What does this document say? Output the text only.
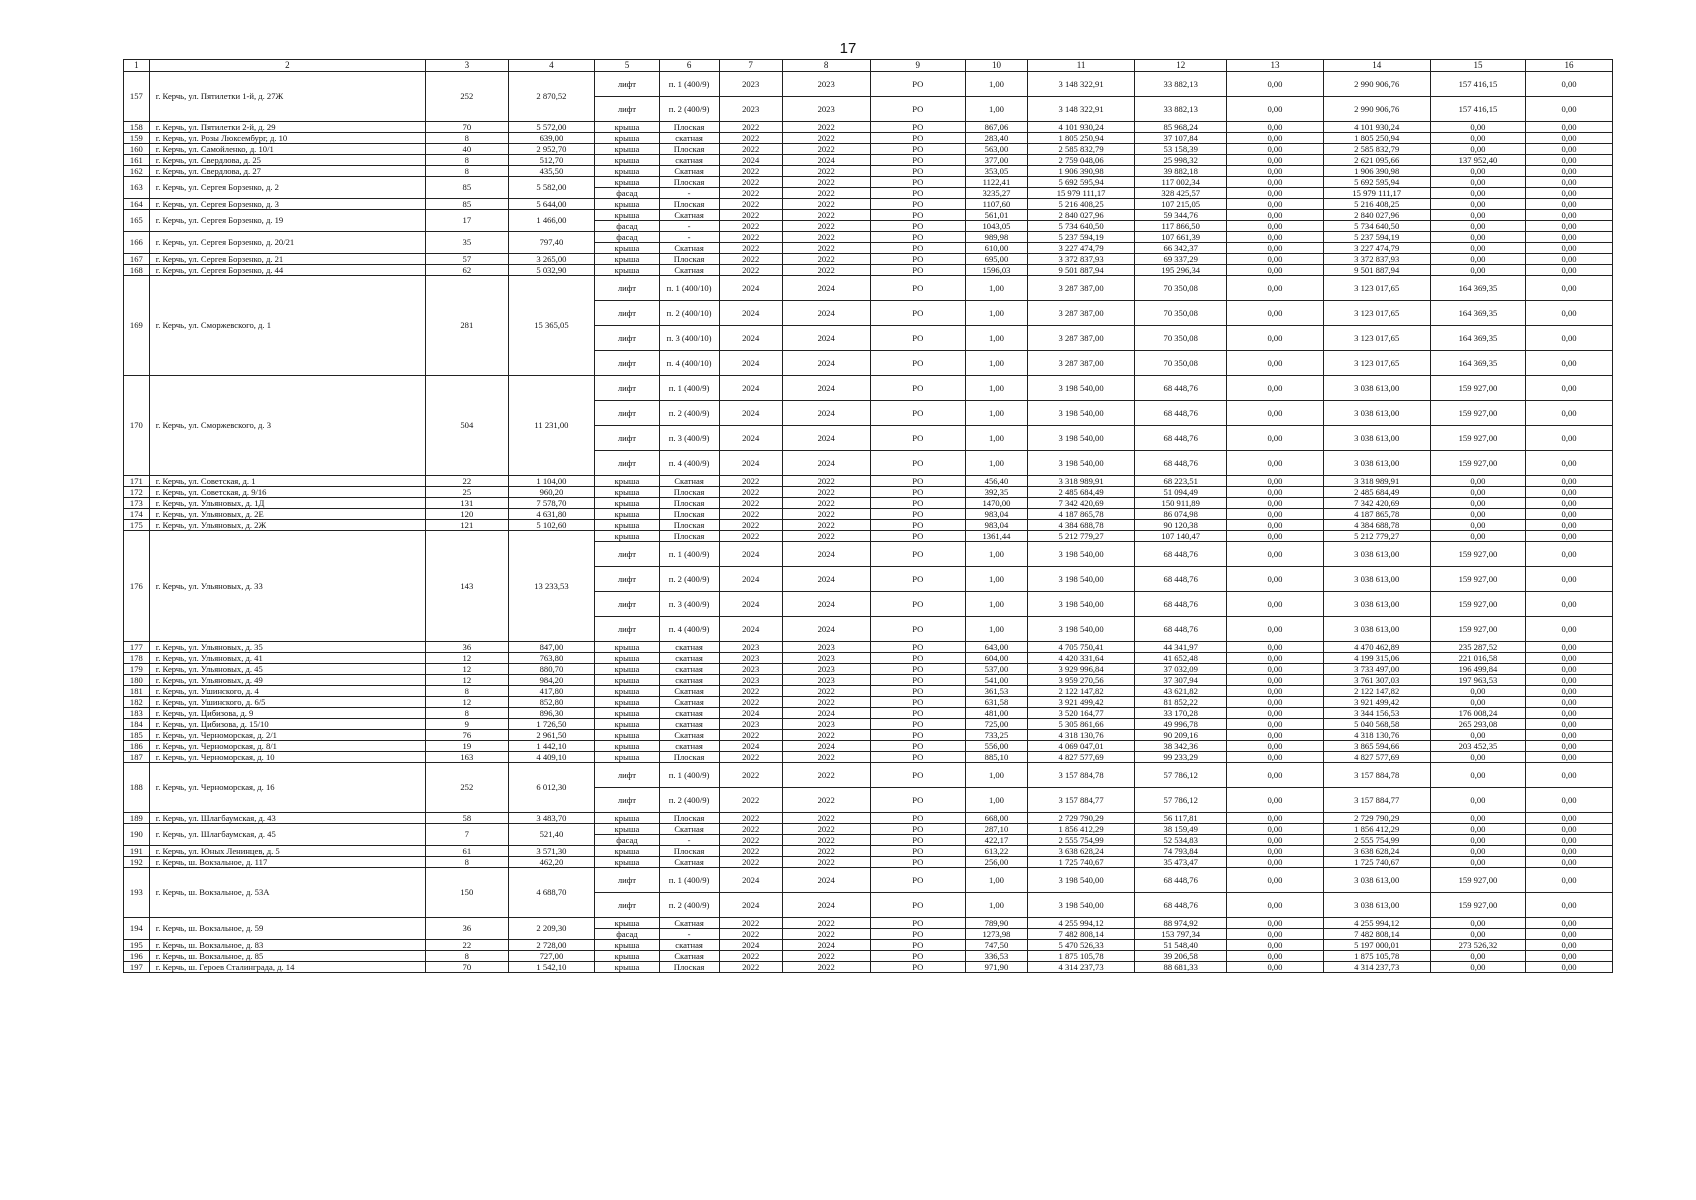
17
1	2	3	4	5	6	7	8	9	10	11	12	13	14	15	16
157	г. Керчь, ул. Пятилетки 1-й, д. 27Ж	252	2 870,52	лифт	п. 1 (400/9)	2023	2023	РО	1,00	3 148 322,91	33 882,13	0,00	2 990 906,76	157 416,15	0,00
				лифт	п. 2 (400/9)	2023	2023	РО	1,00	3 148 322,91	33 882,13	0,00	2 990 906,76	157 416,15	0,00
158	г. Керчь, ул. Пятилетки 2-й, д. 29	70	5 572,00	крыша	Плоская	2022	2022	РО	867,06	4 101 930,24	85 968,24	0,00	4 101 930,24	0,00	0,00
159	г. Керчь, ул. Розы Люксембург, д. 10	8	639,00	крыша	скатная	2022	2022	РО	283,40	1 805 250,94	37 107,84	0,00	1 805 250,94	0,00	0,00
160	г. Керчь, ул. Самойленко, д. 10/1	40	2 952,70	крыша	Плоская	2022	2022	РО	563,00	2 585 832,79	53 158,39	0,00	2 585 832,79	0,00	0,00
161	г. Керчь, ул. Свердлова, д. 25	8	512,70	крыша	скатная	2024	2024	РО	377,00	2 759 048,06	25 998,32	0,00	2 621 095,66	137 952,40	0,00
162	г. Керчь, ул. Свердлова, д. 27	8	435,50	крыша	Скатная	2022	2022	РО	353,05	1 906 390,98	39 882,18	0,00	1 906 390,98	0,00	0,00
163	г. Керчь, ул. Сергея Борзенко, д. 2	85	5 582,00	крыша	Плоская	2022	2022	РО	1122,41	5 692 595,94	117 002,34	0,00	5 692 595,94	0,00	0,00
				фасад	-	2022	2022	РО	3235,27	15 979 111,17	328 425,57	0,00	15 979 111,17	0,00	0,00
164	г. Керчь, ул. Сергея Борзенко, д. 3	85	5 644,00	крыша	Плоская	2022	2022	РО	1107,60	5 216 408,25	107 215,05	0,00	5 216 408,25	0,00	0,00
165	г. Керчь, ул. Сергея Борзенко, д. 19	17	1 466,00	крыша	Скатная	2022	2022	РО	561,01	2 840 027,96	59 344,76	0,00	2 840 027,96	0,00	0,00
				фасад	-	2022	2022	РО	1043,05	5 734 640,50	117 866,50	0,00	5 734 640,50	0,00	0,00
166	г. Керчь, ул. Сергея Борзенко, д. 20/21	35	797,40	фасад	-	2022	2022	РО	989,98	5 237 594,19	107 661,39	0,00	5 237 594,19	0,00	0,00
				крыша	Скатная	2022	2022	РО	610,00	3 227 474,79	66 342,37	0,00	3 227 474,79	0,00	0,00
167	г. Керчь, ул. Сергея Борзенко, д. 21	57	3 265,00	крыша	Плоская	2022	2022	РО	695,00	3 372 837,93	69 337,29	0,00	3 372 837,93	0,00	0,00
168	г. Керчь, ул. Сергея Борзенко, д. 44	62	5 032,90	крыша	Скатная	2022	2022	РО	1596,03	9 501 887,94	195 296,34	0,00	9 501 887,94	0,00	0,00
169	г. Керчь, ул. Сморжевского, д. 1	281	15 365,05	лифт	п. 1 (400/10)	2024	2024	РО	1,00	3 287 387,00	70 350,08	0,00	3 123 017,65	164 369,35	0,00
				лифт	п. 2 (400/10)	2024	2024	РО	1,00	3 287 387,00	70 350,08	0,00	3 123 017,65	164 369,35	0,00
				лифт	п. 3 (400/10)	2024	2024	РО	1,00	3 287 387,00	70 350,08	0,00	3 123 017,65	164 369,35	0,00
				лифт	п. 4 (400/10)	2024	2024	РО	1,00	3 287 387,00	70 350,08	0,00	3 123 017,65	164 369,35	0,00
170	г. Керчь, ул. Сморжевского, д. 3	504	11 231,00	лифт	п. 1 (400/9)	2024	2024	РО	1,00	3 198 540,00	68 448,76	0,00	3 038 613,00	159 927,00	0,00
				лифт	п. 2 (400/9)	2024	2024	РО	1,00	3 198 540,00	68 448,76	0,00	3 038 613,00	159 927,00	0,00
				лифт	п. 3 (400/9)	2024	2024	РО	1,00	3 198 540,00	68 448,76	0,00	3 038 613,00	159 927,00	0,00
				лифт	п. 4 (400/9)	2024	2024	РО	1,00	3 198 540,00	68 448,76	0,00	3 038 613,00	159 927,00	0,00
171	г. Керчь, ул. Советская, д. 1	22	1 104,00	крыша	Скатная	2022	2022	РО	456,40	3 318 989,91	68 223,51	0,00	3 318 989,91	0,00	0,00
172	г. Керчь, ул. Советская, д. 9/16	25	960,20	крыша	Плоская	2022	2022	РО	392,35	2 485 684,49	51 094,49	0,00	2 485 684,49	0,00	0,00
173	г. Керчь, ул. Ульяновых, д. 1Д	131	7 578,70	крыша	Плоская	2022	2022	РО	1470,00	7 342 420,69	150 911,89	0,00	7 342 420,69	0,00	0,00
174	г. Керчь, ул. Ульяновых, д. 2Е	120	4 631,80	крыша	Плоская	2022	2022	РО	983,04	4 187 865,78	86 074,98	0,00	4 187 865,78	0,00	0,00
175	г. Керчь, ул. Ульяновых, д. 2Ж	121	5 102,60	крыша	Плоская	2022	2022	РО	983,04	4 384 688,78	90 120,38	0,00	4 384 688,78	0,00	0,00
176	г. Керчь, ул. Ульяновых, д. 33	143	13 233,53	крыша	Плоская	2022	2022	РО	1361,44	5 212 779,27	107 140,47	0,00	5 212 779,27	0,00	0,00
				лифт	п. 1 (400/9)	2024	2024	РО	1,00	3 198 540,00	68 448,76	0,00	3 038 613,00	159 927,00	0,00
				лифт	п. 2 (400/9)	2024	2024	РО	1,00	3 198 540,00	68 448,76	0,00	3 038 613,00	159 927,00	0,00
				лифт	п. 3 (400/9)	2024	2024	РО	1,00	3 198 540,00	68 448,76	0,00	3 038 613,00	159 927,00	0,00
				лифт	п. 4 (400/9)	2024	2024	РО	1,00	3 198 540,00	68 448,76	0,00	3 038 613,00	159 927,00	0,00
177	г. Керчь, ул. Ульяновых, д. 35	36	847,00	крыша	скатная	2023	2023	РО	643,00	4 705 750,41	44 341,97	0,00	4 470 462,89	235 287,52	0,00
178	г. Керчь, ул. Ульяновых, д. 41	12	763,80	крыша	скатная	2023	2023	РО	604,00	4 420 331,64	41 652,48	0,00	4 199 315,06	221 016,58	0,00
179	г. Керчь, ул. Ульяновых, д. 45	12	880,70	крыша	скатная	2023	2023	РО	537,00	3 929 996,84	37 032,09	0,00	3 733 497,00	196 499,84	0,00
180	г. Керчь, ул. Ульяновых, д. 49	12	984,20	крыша	скатная	2023	2023	РО	541,00	3 959 270,56	37 307,94	0,00	3 761 307,03	197 963,53	0,00
181	г. Керчь, ул. Ушинского, д. 4	8	417,80	крыша	Скатная	2022	2022	РО	361,53	2 122 147,82	43 621,82	0,00	2 122 147,82	0,00	0,00
182	г. Керчь, ул. Ушинского, д. 6/5	12	852,80	крыша	Скатная	2022	2022	РО	631,58	3 921 499,42	81 852,22	0,00	3 921 499,42	0,00	0,00
183	г. Керчь, ул. Цибизова, д. 9	8	896,30	крыша	скатная	2024	2024	РО	481,00	3 520 164,77	33 170,28	0,00	3 344 156,53	176 008,24	0,00
184	г. Керчь, ул. Цибизова, д. 15/10	9	1 726,50	крыша	скатная	2023	2023	РО	725,00	5 305 861,66	49 996,78	0,00	5 040 568,58	265 293,08	0,00
185	г. Керчь, ул. Черноморская, д. 2/1	76	2 961,50	крыша	Скатная	2022	2022	РО	733,25	4 318 130,76	90 209,16	0,00	4 318 130,76	0,00	0,00
186	г. Керчь, ул. Черноморская, д. 8/1	19	1 442,10	крыша	скатная	2024	2024	РО	556,00	4 069 047,01	38 342,36	0,00	3 865 594,66	203 452,35	0,00
187	г. Керчь, ул. Черноморская, д. 10	163	4 409,10	крыша	Плоская	2022	2022	РО	885,10	4 827 577,69	99 233,29	0,00	4 827 577,69	0,00	0,00
188	г. Керчь, ул. Черноморская, д. 16	252	6 012,30	лифт	п. 1 (400/9)	2022	2022	РО	1,00	3 157 884,78	57 786,12	0,00	3 157 884,78	0,00	0,00
				лифт	п. 2 (400/9)	2022	2022	РО	1,00	3 157 884,77	57 786,12	0,00	3 157 884,77	0,00	0,00
189	г. Керчь, ул. Шлагбаумская, д. 43	58	3 483,70	крыша	Плоская	2022	2022	РО	668,00	2 729 790,29	56 117,81	0,00	2 729 790,29	0,00	0,00
190	г. Керчь, ул. Шлагбаумская, д. 45	7	521,40	крыша	Скатная	2022	2022	РО	287,10	1 856 412,29	38 159,49	0,00	1 856 412,29	0,00	0,00
				фасад	-	2022	2022	РО	422,17	2 555 754,99	52 534,83	0,00	2 555 754,99	0,00	0,00
191	г. Керчь, ул. Юных Ленинцев, д. 5	61	3 571,30	крыша	Плоская	2022	2022	РО	613,22	3 638 628,24	74 793,84	0,00	3 638 628,24	0,00	0,00
192	г. Керчь, ш. Вокзальное, д. 117	8	462,20	крыша	Скатная	2022	2022	РО	256,00	1 725 740,67	35 473,47	0,00	1 725 740,67	0,00	0,00
193	г. Керчь, ш. Вокзальное, д. 53А	150	4 688,70	лифт	п. 1 (400/9)	2024	2024	РО	1,00	3 198 540,00	68 448,76	0,00	3 038 613,00	159 927,00	0,00
				лифт	п. 2 (400/9)	2024	2024	РО	1,00	3 198 540,00	68 448,76	0,00	3 038 613,00	159 927,00	0,00
194	г. Керчь, ш. Вокзальное, д. 59	36	2 209,30	крыша	Скатная	2022	2022	РО	789,90	4 255 994,12	88 974,92	0,00	4 255 994,12	0,00	0,00
				фасад	-	2022	2022	РО	1273,98	7 482 808,14	153 797,34	0,00	7 482 808,14	0,00	0,00
195	г. Керчь, ш. Вокзальное, д. 83	22	2 728,00	крыша	скатная	2024	2024	РО	747,50	5 470 526,33	51 548,40	0,00	5 197 000,01	273 526,32	0,00
196	г. Керчь, ш. Вокзальное, д. 85	8	727,00	крыша	Скатная	2022	2022	РО	336,53	1 875 105,78	39 206,58	0,00	1 875 105,78	0,00	0,00
197	г. Керчь, ш. Героев Сталинграда, д. 14	70	1 542,10	крыша	Плоская	2022	2022	РО	971,90	4 314 237,73	88 681,33	0,00	4 314 237,73	0,00	0,00
